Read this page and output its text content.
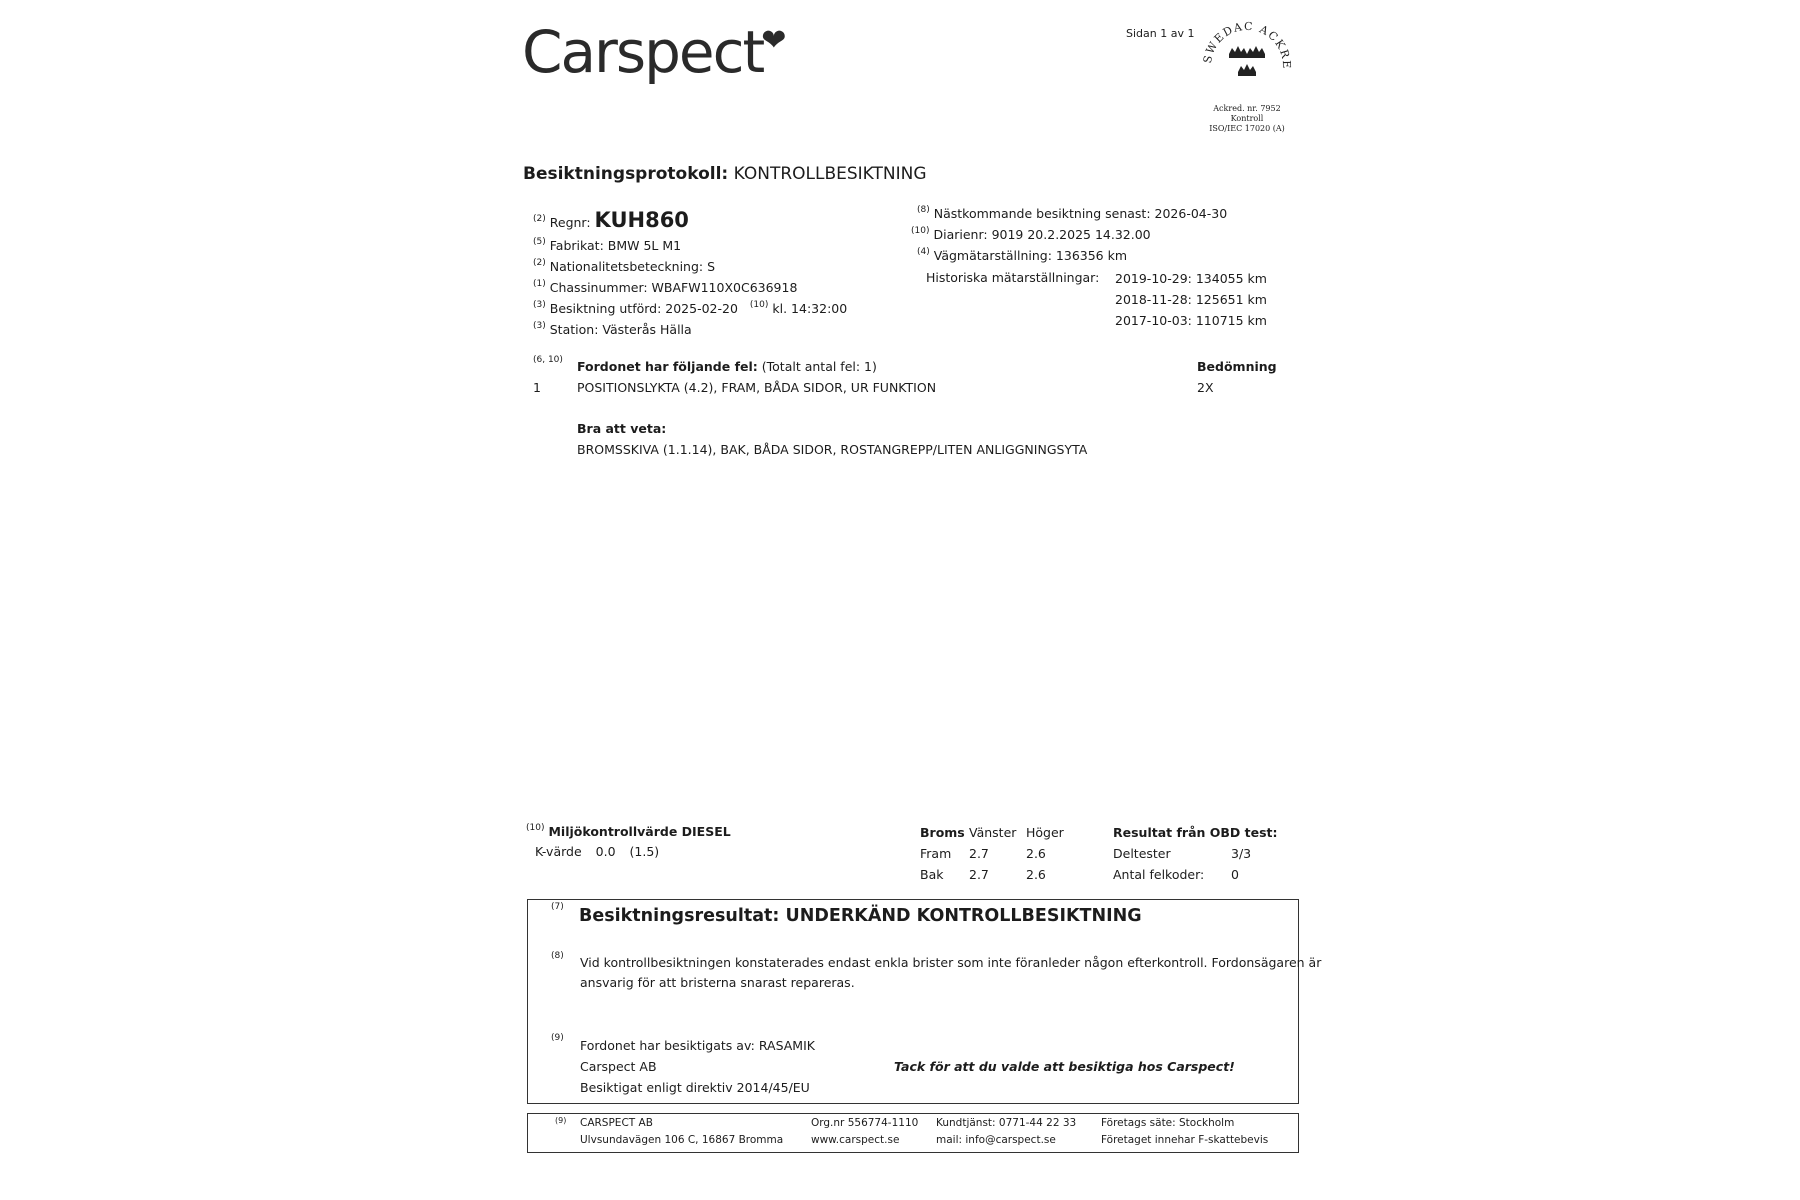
Carspect❤	Sidan 1 av 1
SWEDAC ACKRE
Ackred. nr. 7952
Kontroll
ISO/IEC 17020 (A)
Besiktningsprotokoll: KONTROLLBESIKTNING
$^{(2)}$ Regnr: KUH860
$^{(5)}$ Fabrikat: BMW 5L M1
$^{(2)}$ Nationalitetsbeteckning: S
$^{(1)}$ Chassinummer: WBAFW110X0C636918
$^{(3)}$ Besiktning utförd: 2025-02-20 $^{(10)}$ kl. 14:32:00
$^{(3)}$ Station: Västerås Hälla
$^{(8)}$ Nästkommande besiktning senast: 2026-04-30
$^{(10)}$ Diarienr: 9019 20.2.2025 14.32.00
$^{(4)}$ Vägmätarställning: 136356 km
Historiska mätarställningar: 2019-10-29: 134055 km
2018-11-28: 125651 km
2017-10-03: 110715 km
(6, 10) Fordonet har följande fel: (Totalt antal fel: 1)	Bedömning
1	POSITIONSLYKTA (4.2), FRAM, BÅDA SIDOR, UR FUNKTION	2X
Bra att veta:
BROMSSKIVA (1.1.14), BAK, BÅDA SIDOR, ROSTANGREPP/LITEN ANLIGGNINGSYTA
$^{(10)}$ Miljökontrollvärde DIESEL
K-värde 0.0 (1.5)
Broms Vänster Höger
Fram 2.7	2.6
Bak 2.7	2.6
Resultat från OBD test:
Deltester	3/3
Antal felkoder: 0
(7) Besiktningsresultat: UNDERKÄND KONTROLLBESIKTNING
(8) Vid kontrollbesiktningen konstaterades endast enkla brister som inte föranleder någon efterkontroll. Fordonsägaren är
ansvarig för att bristerna snarast repareras.
(9) Fordonet har besiktigats av: RASAMIK
Carspect AB
Besiktigat enligt direktiv 2014/45/EU
Tack för att du valde att besiktiga hos Carspect!
(9) CARSPECT AB
Ulvsundavägen 106 C, 16867 Bromma
Org.nr 556774-1110
www.carspect.se
Kundtjänst: 0771-44 22 33
mail: info@carspect.se
Företags säte: Stockholm
Företaget innehar F-skattebevis
